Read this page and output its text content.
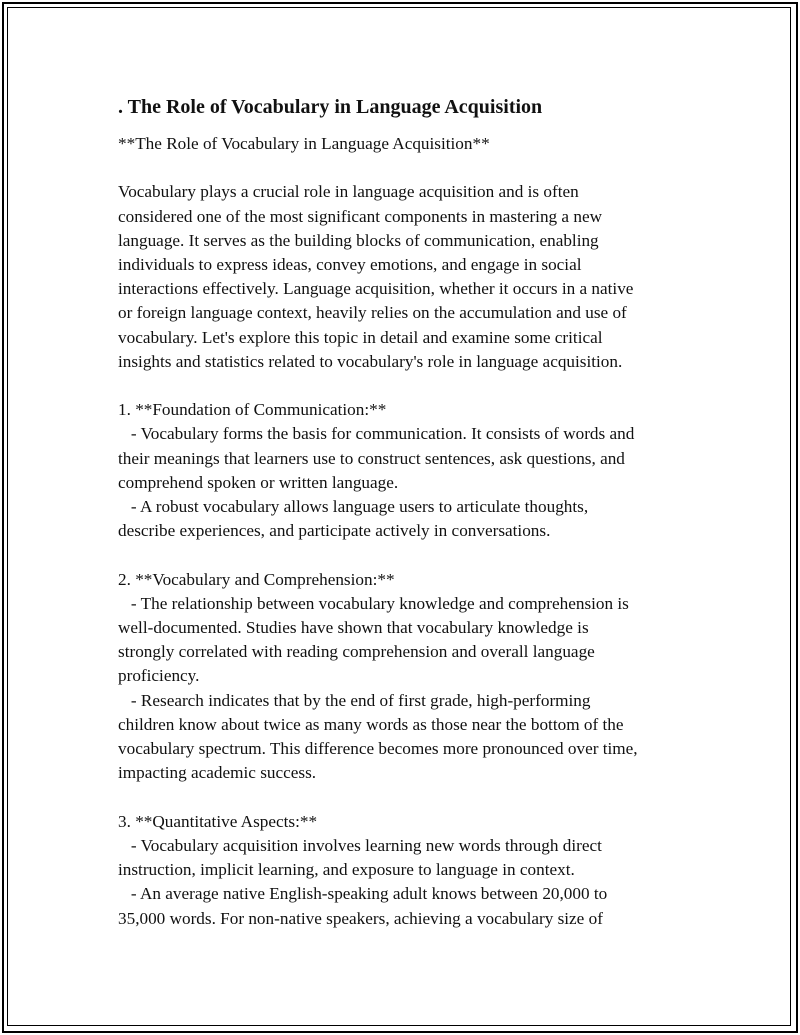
. The Role of Vocabulary in Language Acquisition

**The Role of Vocabulary in Language Acquisition**

Vocabulary plays a crucial role in language acquisition and is often
considered one of the most significant components in mastering a new
language. It serves as the building blocks of communication, enabling
individuals to express ideas, convey emotions, and engage in social
interactions effectively. Language acquisition, whether it occurs in a native
or foreign language context, heavily relies on the accumulation and use of
vocabulary. Let's explore this topic in detail and examine some critical
insights and statistics related to vocabulary's role in language acquisition.

1. **Foundation of Communication:**
- Vocabulary forms the basis for communication. It consists of words and
their meanings that learners use to construct sentences, ask questions, and
comprehend spoken or written language.
- A robust vocabulary allows language users to articulate thoughts,
describe experiences, and participate actively in conversations.

2. **Vocabulary and Comprehension:**
- The relationship between vocabulary knowledge and comprehension is
well-documented. Studies have shown that vocabulary knowledge is
strongly correlated with reading comprehension and overall language
proficiency.
- Research indicates that by the end of first grade, high-performing
children know about twice as many words as those near the bottom of the
vocabulary spectrum. This difference becomes more pronounced over time,
impacting academic success.

3. **Quantitative Aspects:**
- Vocabulary acquisition involves learning new words through direct
instruction, implicit learning, and exposure to language in context.
- An average native English-speaking adult knows between 20,000 to
35,000 words. For non-native speakers, achieving a vocabulary size of
